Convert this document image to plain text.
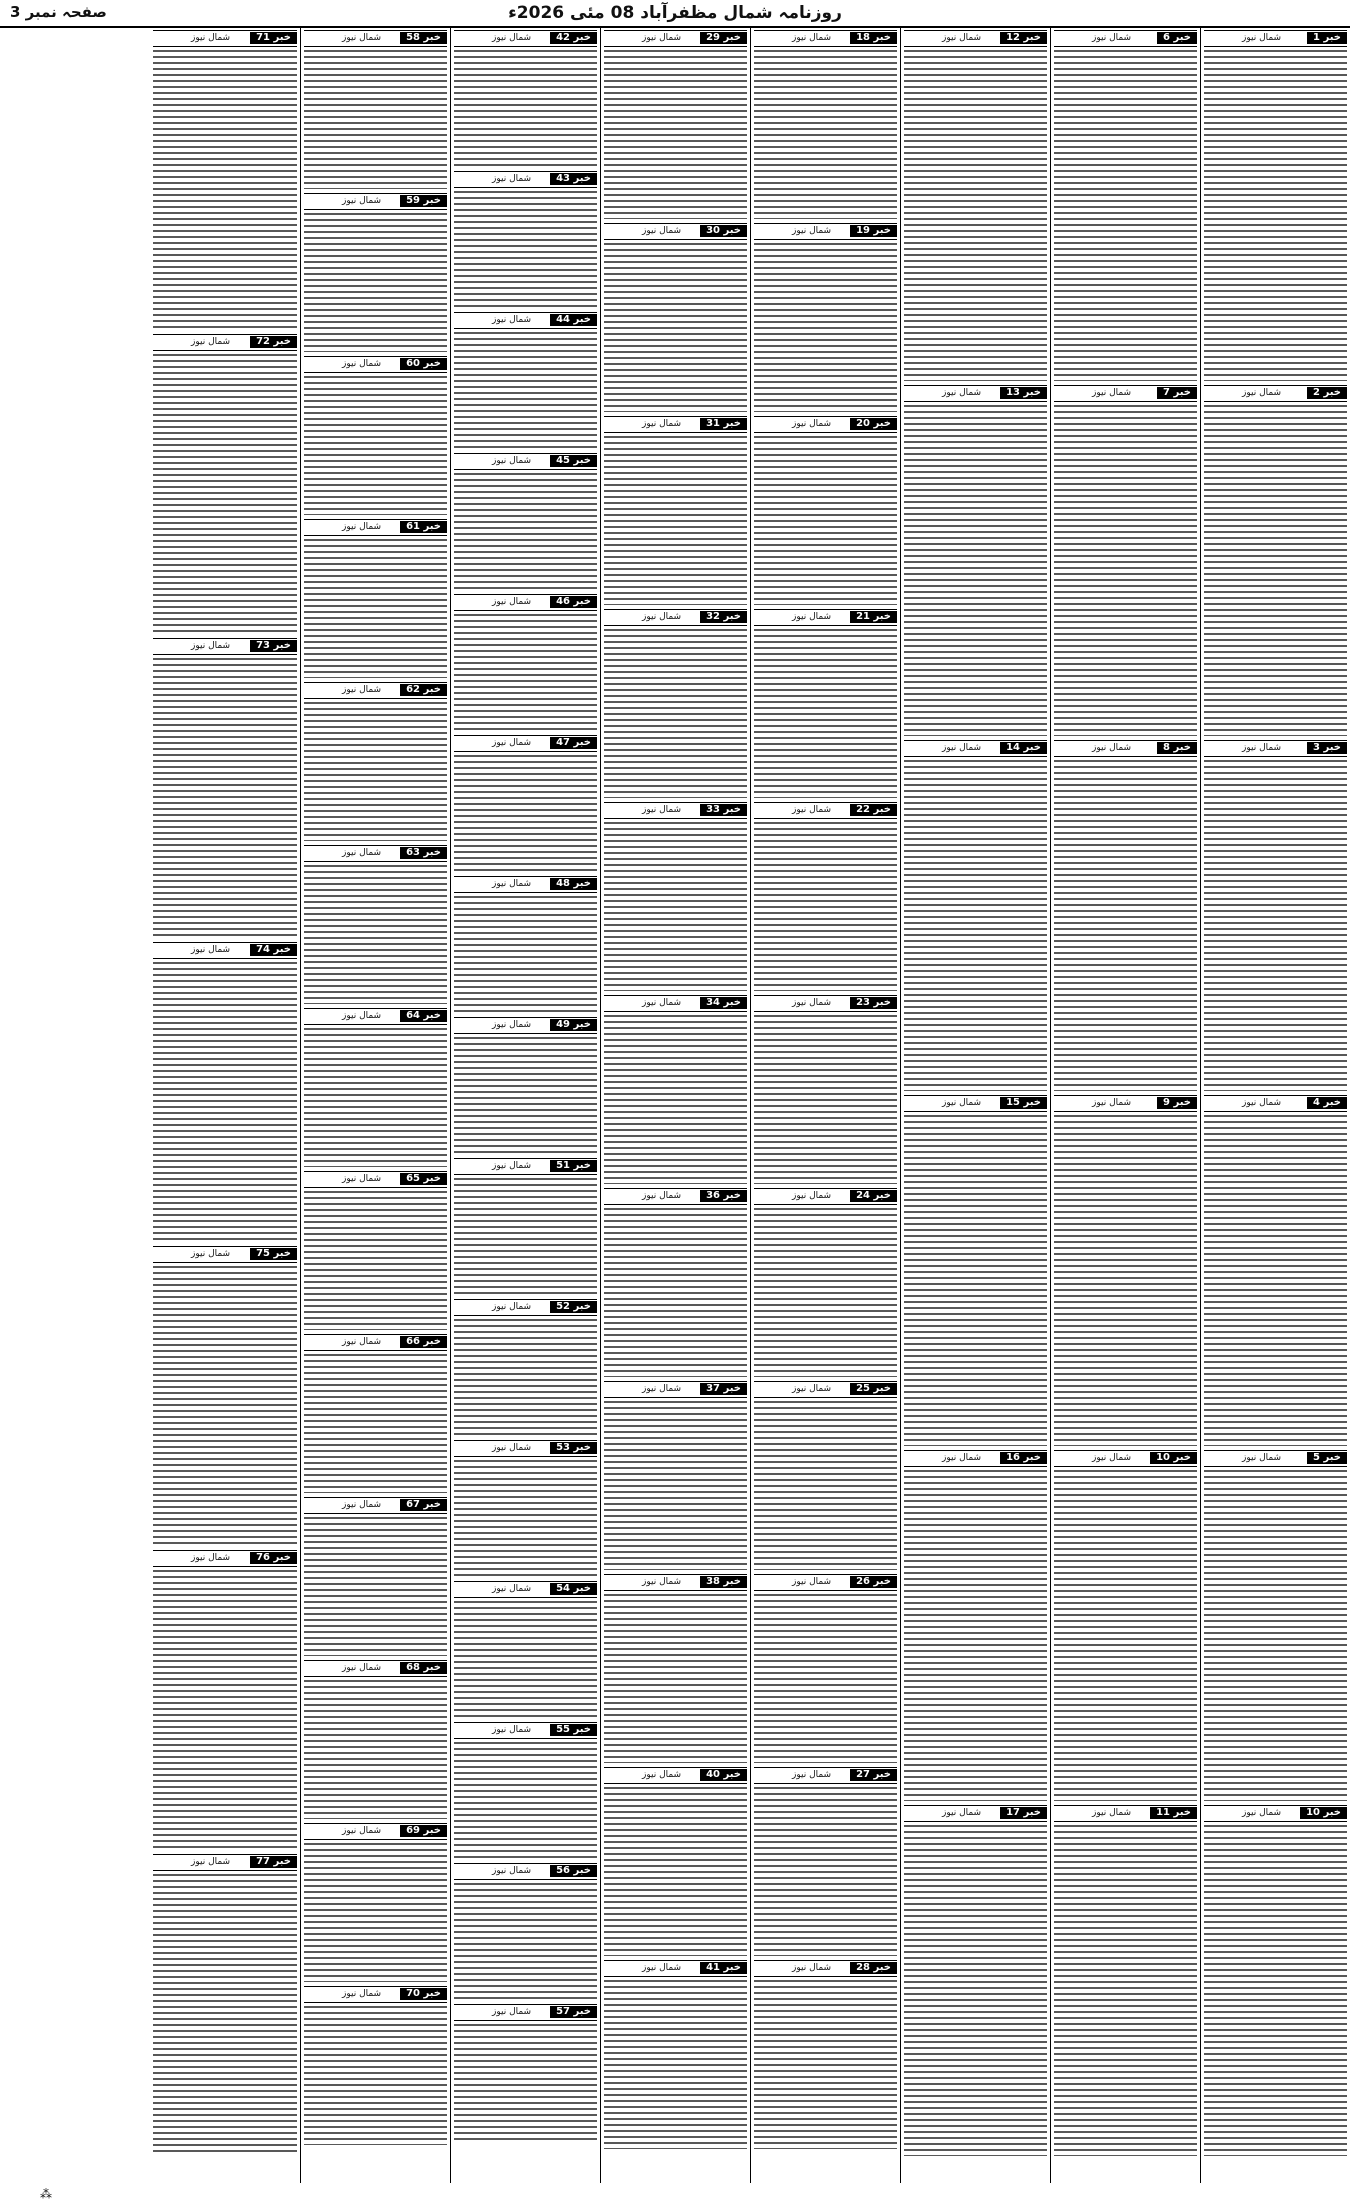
صفحہ نمبر 3	روزنامہ شمال مظفرآباد 08 مئی 2026ء
خبر 1
شمال نیوز
خبر 2
شمال نیوز
خبر 3
شمال نیوز
خبر 4
شمال نیوز
خبر 5
شمال نیوز
خبر 10
شمال نیوز
خبر 6
شمال نیوز
خبر 7
شمال نیوز
خبر 8
شمال نیوز
خبر 9
شمال نیوز
خبر 10
شمال نیوز
خبر 11
شمال نیوز
خبر 12
شمال نیوز
خبر 13
شمال نیوز
خبر 14
شمال نیوز
خبر 15
شمال نیوز
خبر 16
شمال نیوز
خبر 17
شمال نیوز
خبر 18
شمال نیوز
خبر 19
شمال نیوز
خبر 20
شمال نیوز
خبر 21
شمال نیوز
خبر 22
شمال نیوز
خبر 23
شمال نیوز
خبر 24
شمال نیوز
خبر 25
شمال نیوز
خبر 26
شمال نیوز
خبر 27
شمال نیوز
خبر 28
شمال نیوز
خبر 29
شمال نیوز
خبر 30
شمال نیوز
خبر 31
شمال نیوز
خبر 32
شمال نیوز
خبر 33
شمال نیوز
خبر 34
شمال نیوز
خبر 36
شمال نیوز
خبر 37
شمال نیوز
خبر 38
شمال نیوز
خبر 40
شمال نیوز
خبر 41
شمال نیوز
خبر 42
شمال نیوز
خبر 43
شمال نیوز
خبر 44
شمال نیوز
خبر 45
شمال نیوز
خبر 46
شمال نیوز
خبر 47
شمال نیوز
خبر 48
شمال نیوز
خبر 49
شمال نیوز
خبر 51
شمال نیوز
خبر 52
شمال نیوز
خبر 53
شمال نیوز
خبر 54
شمال نیوز
خبر 55
شمال نیوز
خبر 56
شمال نیوز
خبر 57
شمال نیوز
خبر 58
شمال نیوز
خبر 59
شمال نیوز
خبر 60
شمال نیوز
خبر 61
شمال نیوز
خبر 62
شمال نیوز
خبر 63
شمال نیوز
خبر 64
شمال نیوز
خبر 65
شمال نیوز
خبر 66
شمال نیوز
خبر 67
شمال نیوز
خبر 68
شمال نیوز
خبر 69
شمال نیوز
خبر 70
شمال نیوز
خبر 71
شمال نیوز
خبر 72
شمال نیوز
خبر 73
شمال نیوز
خبر 74
شمال نیوز
خبر 75
شمال نیوز
خبر 76
شمال نیوز
خبر 77
شمال نیوز
⁂
